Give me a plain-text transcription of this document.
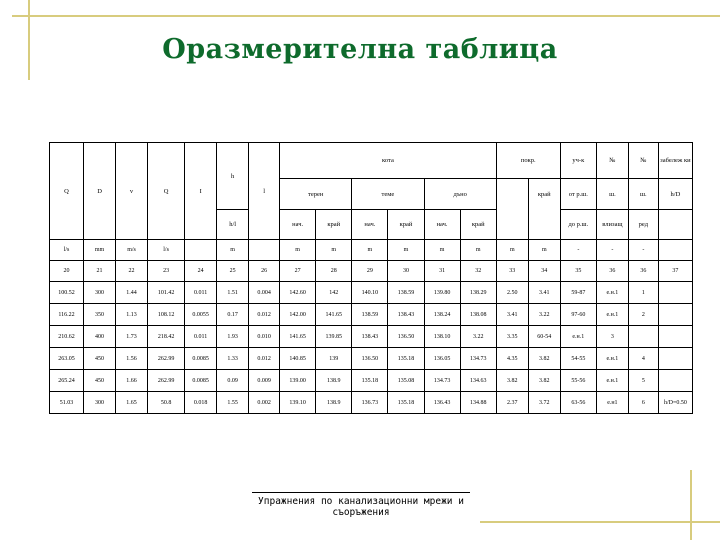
Оразмерителна таблица
Q	D	v	Q	I	h	l	кота						покр.		уч-к	№	№	забележ ки
							терен		теме		дъно			край	от р.ш.	ш.	ш.	h/D
					h/l		нач.	край	нач.	край	нач.	край			до р.ш.	влизащ	ред	
l/s	mm	m/s	l/s		m		m	m	m	m	m	m	m	m	-	-	-	
20	21	22	23	24	25	26	27	28	29	30	31	32	33	34	35	36	36	37
100.52	300	1.44	101.42	0.011	1.51	0.004	142.60	142	140.10	138.59	139.80	138.29	2.50	3.41	59-87	е.н.1	1	
116.22	350	1.13	108.12	0.0055	0.17	0.012	142.00	141.65	138.59	138.43	138.24	138.08	3.41	3.22	97-60	е.н.1	2	
210.62	400	1.73	218.42	0.011	1.93	0.010	141.65	139.85	138.43	136.50	138.10	3.22	3.35	60-54	е.н.1	3		
263.05	450	1.56	262.99	0.0085	1.33	0.012	140.85	139	136.50	135.18	136.05	134.73	4.35	3.82	54-55	е.н.1	4	
265.24	450	1.66	262.99	0.0085	0.09	0.009	139.00	138.9	135.18	135.08	134.73	134.63	3.82	3.82	55-56	е.н.1	5	
51.03	300	1.65	50.8	0.018	1.55	0.002	139.10	138.9	136.73	135.18	136.43	134.88	2.37	3.72	63-56	е.н1	6	h/D=0.50
Упражнения по канализационни мрежи и съоръжения
